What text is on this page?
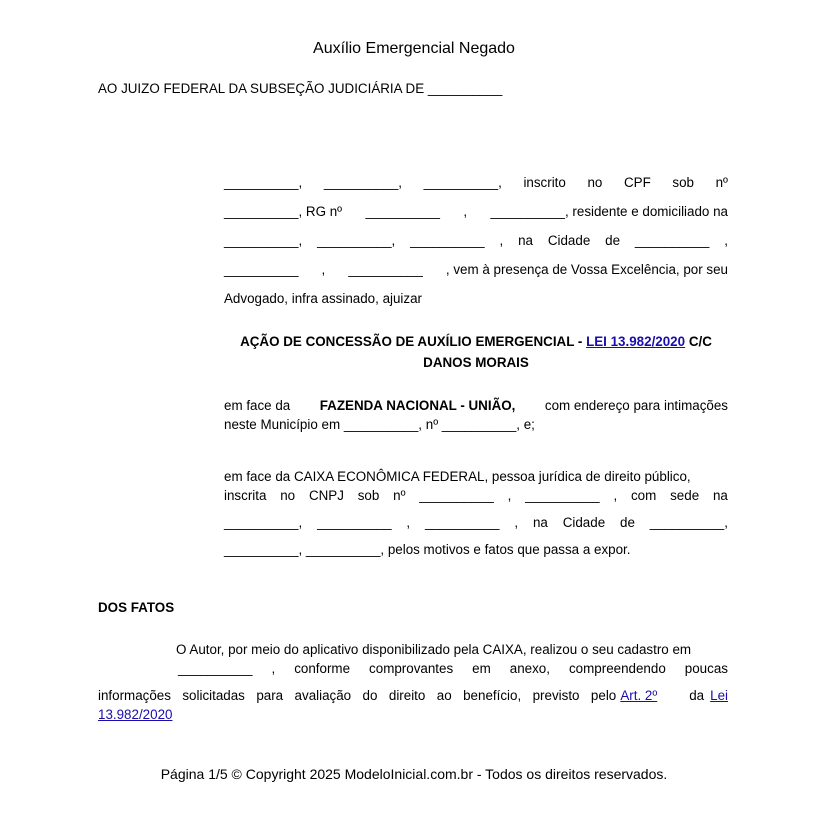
Auxílio Emergencial Negado
AO JUIZO FEDERAL DA SUBSEÇÃO JUDICIÁRIA DE __________
__________, __________, __________, inscrito no CPF sob nº
__________, RG nº __________ , __________, residente e domiciliado na
__________, __________, __________ , na Cidade de __________ ,
__________ , __________ , vem à presença de Vossa Excelência, por seu
Advogado, infra assinado, ajuizar
AÇÃO DE CONCESSÃO DE AUXÍLIO EMERGENCIAL - LEI 13.982/2020 C/C
DANOS MORAIS
em face da FAZENDA NACIONAL - UNIÃO, com endereço para intimações
neste Município em __________, nº __________, e;
em face da CAIXA ECONÔMICA FEDERAL, pessoa jurídica de direito público,
inscrita no CNPJ sob nº __________ , __________ , com sede na
__________, __________ , __________ , na Cidade de __________,
__________, __________, pelos motivos e fatos que passa a expor.
DOS FATOS
O Autor, por meio do aplicativo disponibilizado pela CAIXA, realizou o seu cadastro em
__________ , conforme comprovantes em anexo, compreendendo poucas
informações solicitadas para avaliação do direito ao benefício, previsto pelo Art. 2º da Lei
13.982/2020
Página 1/5 © Copyright 2025 ModeloInicial.com.br - Todos os direitos reservados.
